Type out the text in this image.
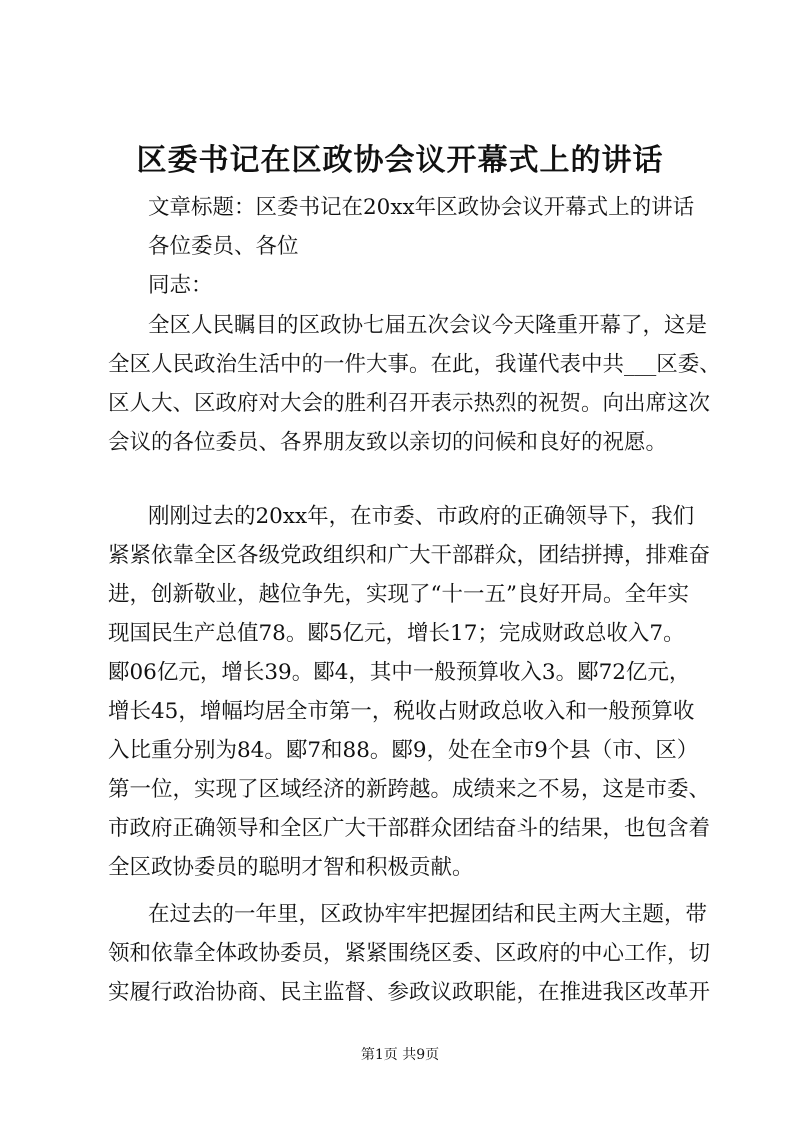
区委书记在区政协会议开幕式上的讲话
文章标题：区委书记在20xx年区政协会议开幕式上的讲话
各位委员、各位
同志：
全区人民瞩目的区政协七届五次会议今天隆重开幕了，这是
全区人民政治生活中的一件大事。在此，我谨代表中共___区委、
区人大、区政府对大会的胜利召开表示热烈的祝贺。向出席这次
会议的各位委员、各界朋友致以亲切的问候和良好的祝愿。
刚刚过去的20xx年，在市委、市政府的正确领导下，我们
紧紧依靠全区各级党政组织和广大干部群众，团结拼搏，排难奋
进，创新敬业，越位争先，实现了“十一五”良好开局。全年实
现国民生产总值78。郾5亿元，增长17；完成财政总收入7。
郾06亿元，增长39。郾4，其中一般预算收入3。郾72亿元，
增长45，增幅均居全市第一，税收占财政总收入和一般预算收
入比重分别为84。郾7和88。郾9，处在全市9个县（市、区）
第一位，实现了区域经济的新跨越。成绩来之不易，这是市委、
市政府正确领导和全区广大干部群众团结奋斗的结果，也包含着
全区政协委员的聪明才智和积极贡献。
在过去的一年里，区政协牢牢把握团结和民主两大主题，带
领和依靠全体政协委员，紧紧围绕区委、区政府的中心工作，切
实履行政治协商、民主监督、参政议政职能，在推进我区改革开
第1页 共9页
